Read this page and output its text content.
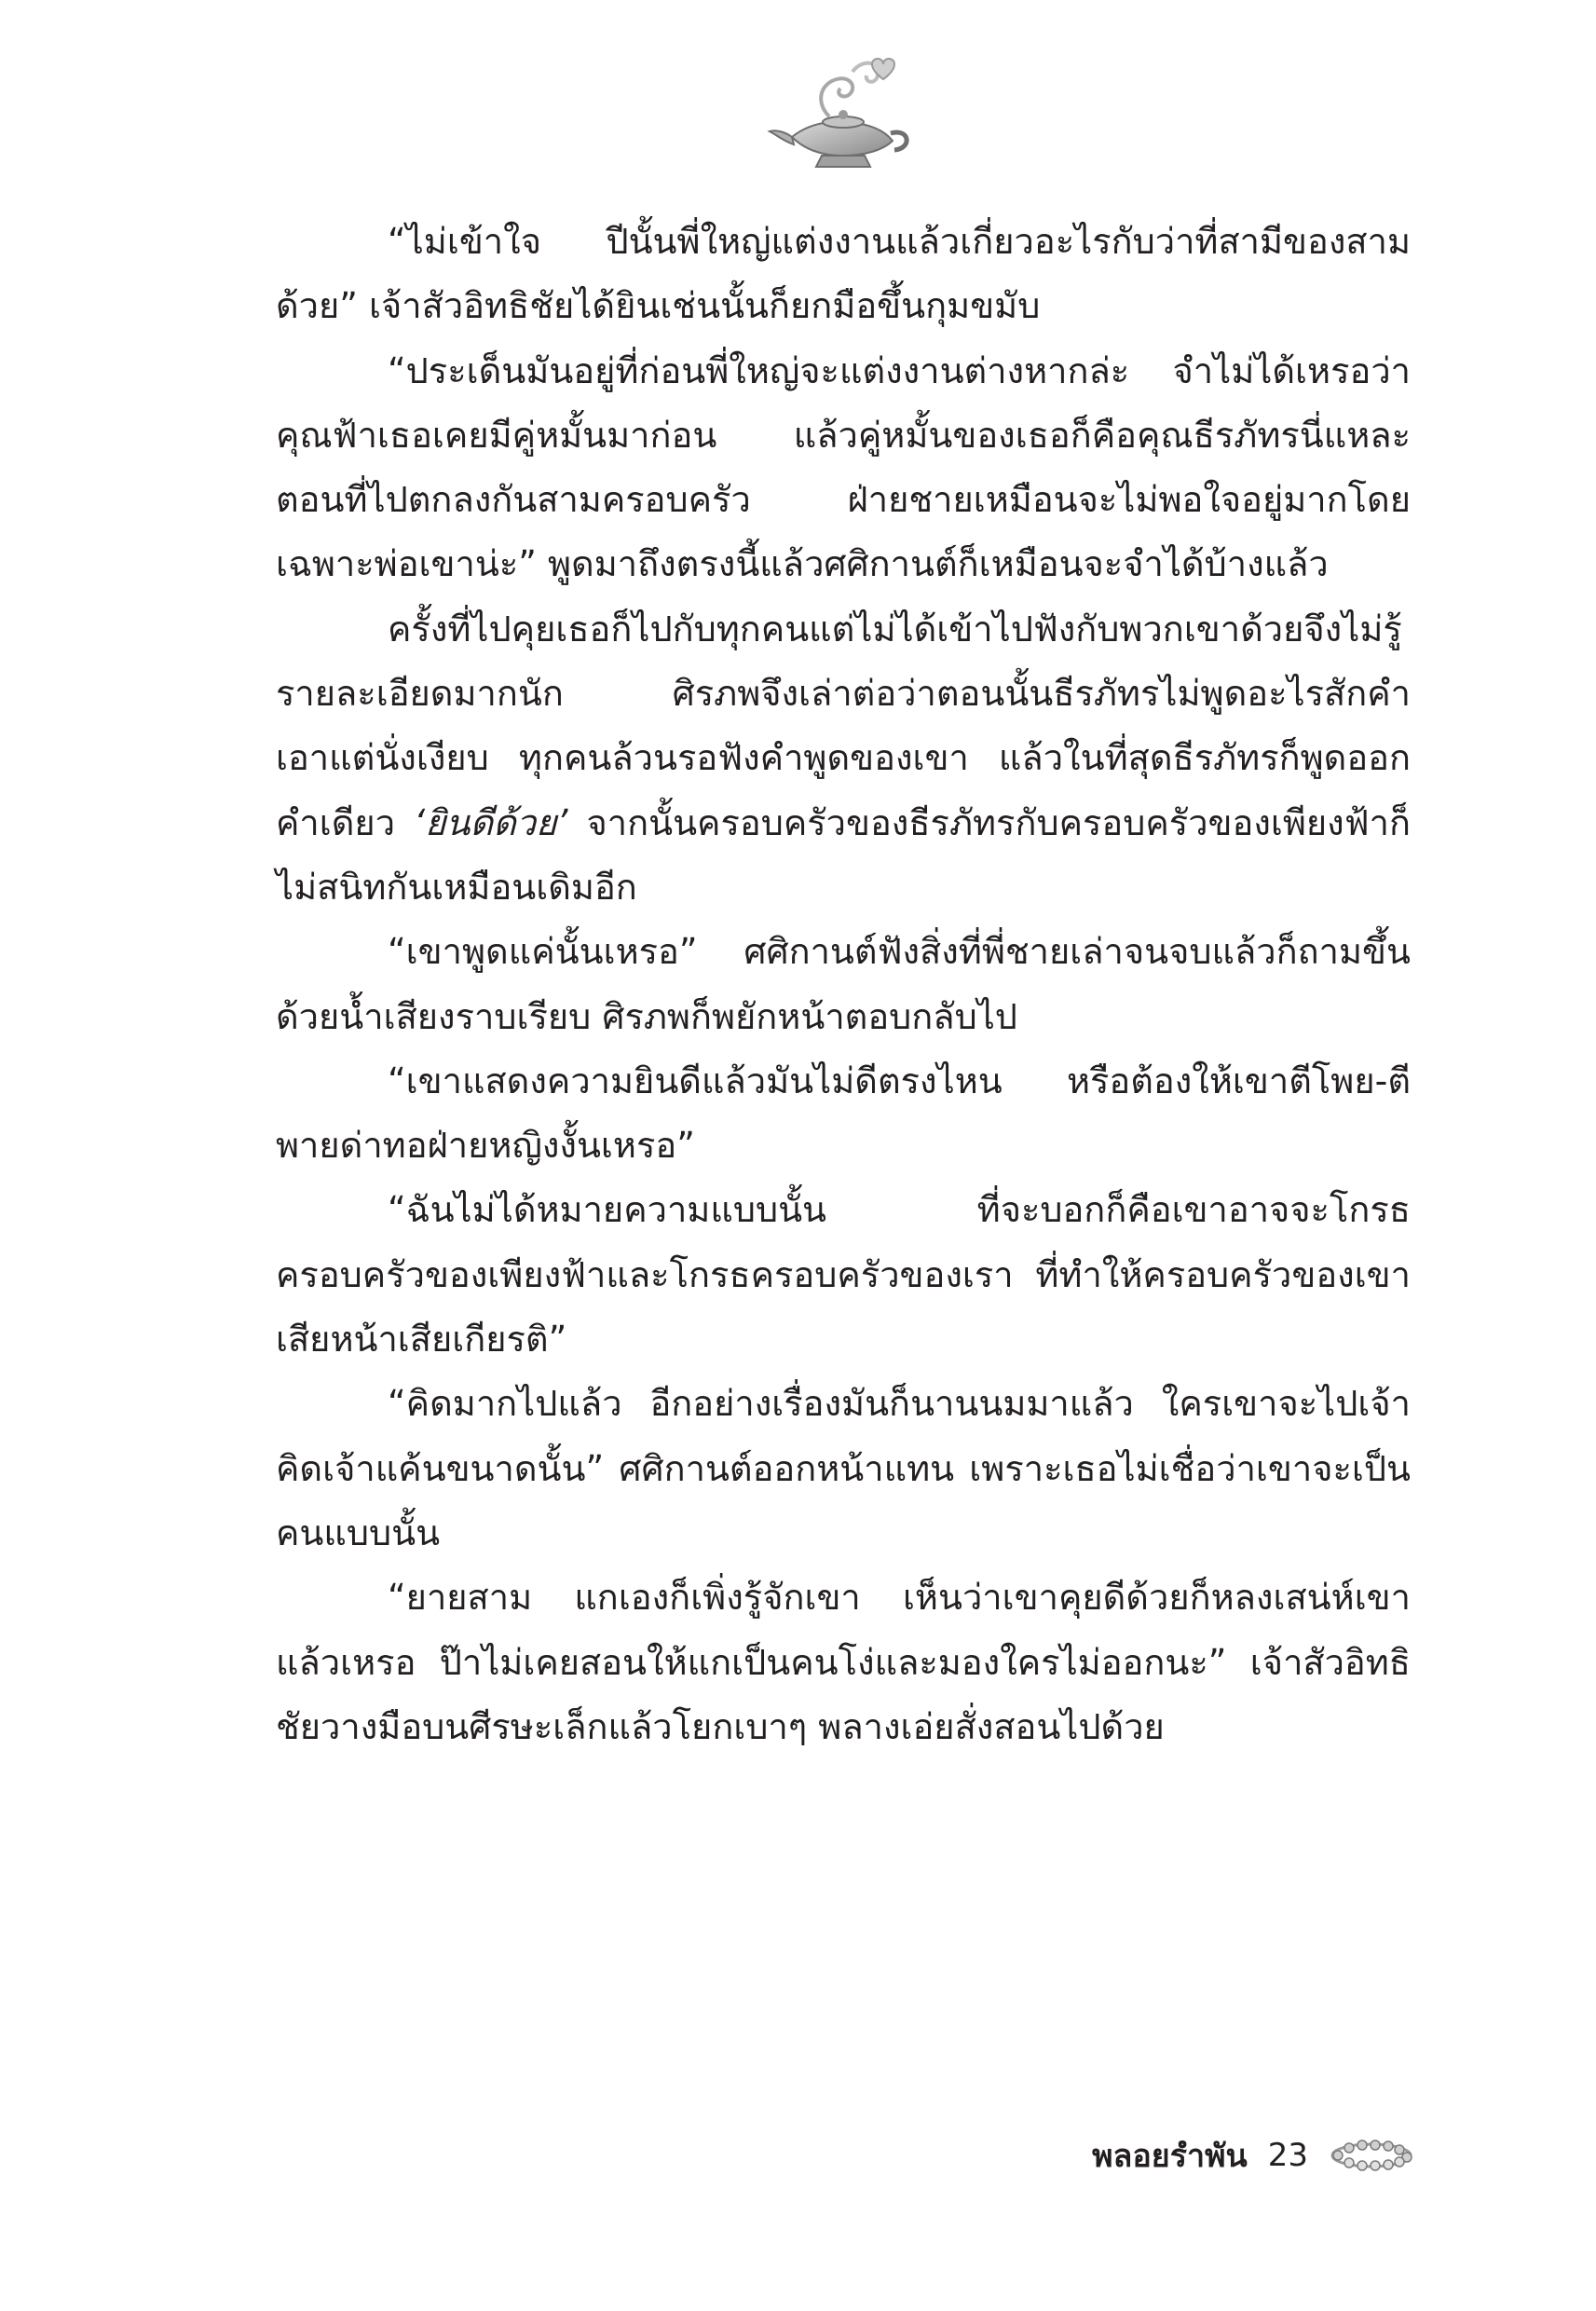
“ไม่เข้าใจ ปีนั้นพี่ใหญ่แต่งงานแล้วเกี่ยวอะไรกับว่าที่สามีของสามด้วย” เจ้าสัวอิทธิชัยได้ยินเช่นนั้นก็ยกมือขึ้นกุมขมับ

“ประเด็นมันอยู่ที่ก่อนพี่ใหญ่จะแต่งงานต่างหากล่ะ จำไม่ได้เหรอว่าคุณฟ้าเธอเคยมีคู่หมั้นมาก่อน แล้วคู่หมั้นของเธอก็คือคุณธีรภัทรนี่แหละ ตอนที่ไปตกลงกันสามครอบครัว ฝ่ายชายเหมือนจะไม่พอใจอยู่มากโดยเฉพาะพ่อเขาน่ะ” พูดมาถึงตรงนี้แล้วศศิกานต์ก็เหมือนจะจำได้บ้างแล้ว

ครั้งที่ไปคุยเธอก็ไปกับทุกคนแต่ไม่ได้เข้าไปฟังกับพวกเขาด้วยจึงไม่รู้รายละเอียดมากนัก ศิรภพจึงเล่าต่อว่าตอนนั้นธีรภัทรไม่พูดอะไรสักคำเอาแต่นั่งเงียบ ทุกคนล้วนรอฟังคำพูดของเขา แล้วในที่สุดธีรภัทรก็พูดออกคำเดียว ‘ยินดีด้วย’ จากนั้นครอบครัวของธีรภัทรกับครอบครัวของเพียงฟ้าก็ไม่สนิทกันเหมือนเดิมอีก

“เขาพูดแค่นั้นเหรอ” ศศิกานต์ฟังสิ่งที่พี่ชายเล่าจนจบแล้วก็ถามขึ้นด้วยน้ำเสียงราบเรียบ ศิรภพก็พยักหน้าตอบกลับไป

“เขาแสดงความยินดีแล้วมันไม่ดีตรงไหน หรือต้องให้เขาตีโพย-ตีพายด่าทอฝ่ายหญิงงั้นเหรอ”

“ฉันไม่ได้หมายความแบบนั้น ที่จะบอกก็คือเขาอาจจะโกรธครอบครัวของเพียงฟ้าและโกรธครอบครัวของเรา ที่ทำให้ครอบครัวของเขาเสียหน้าเสียเกียรติ”

“คิดมากไปแล้ว อีกอย่างเรื่องมันก็นานนมมาแล้ว ใครเขาจะไปเจ้าคิดเจ้าแค้นขนาดนั้น” ศศิกานต์ออกหน้าแทน เพราะเธอไม่เชื่อว่าเขาจะเป็นคนแบบนั้น

“ยายสาม แกเองก็เพิ่งรู้จักเขา เห็นว่าเขาคุยดีด้วยก็หลงเสน่ห์เขาแล้วเหรอ ป๊าไม่เคยสอนให้แกเป็นคนโง่และมองใครไม่ออกนะ” เจ้าสัวอิทธิชัยวางมือบนศีรษะเล็กแล้วโยกเบาๆ พลางเอ่ยสั่งสอนไปด้วย

พลอยรำพัน 23
